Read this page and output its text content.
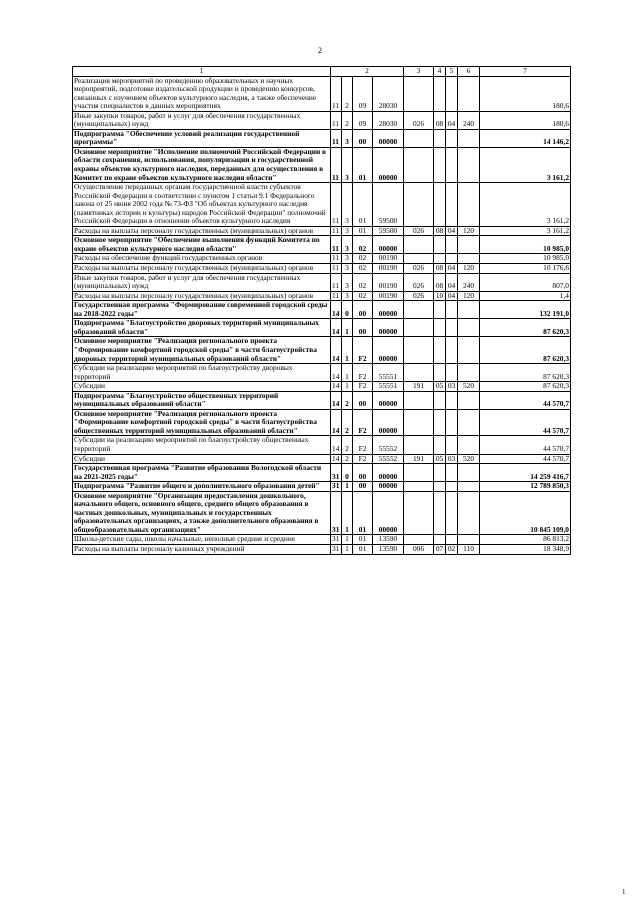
2
1	2				3	4	5	6	7
Реализация мероприятий по проведению образовательных и научных мероприятий, подготовке издательской продукции и проведению конкурсов, связанных с изучением объектов культурного наследия, а также обеспечение участия специалистов в данных мероприятиях	11	2	09	28030					180,6
Иные закупки товаров, работ и услуг для обеспечения государственных (муниципальных) нужд	11	2	09	28030	026	08	04	240	180,6
Подпрограмма "Обеспечение условий реализации государственной программы"	11	3	00	00000					14 146,2
Основное мероприятие "Исполнение полномочий Российской Федерации в области сохранения, использования, популяризации и государственной охраны объектов культурного наследия, переданных для осуществления в Комитет по охране объектов культурного наследия области"	11	3	01	00000					3 161,2
Осуществление переданных органам государственной власти субъектов Российской Федерации в соответствии с пунктом 1 статьи 9.1 Федерального закона от 25 июня 2002 года № 73-ФЗ "Об объектах культурного наследия (памятниках истории и культуры) народов Российской Федерации" полномочий Российской Федерации в отношении объектов культурного наследия	11	3	01	59500					3 161,2
Расходы на выплаты персоналу государственных (муниципальных) органов	11	3	01	59500	026	08	04	120	3 161,2
Основное мероприятие "Обеспечение выполнения функций Комитета по охране объектов культурного наследия области"	11	3	02	00000					10 985,0
Расходы на обеспечение функций государственных органов	11	3	02	00190					10 985,0
Расходы на выплаты персоналу государственных (муниципальных) органов	11	3	02	00190	026	08	04	120	10 176,6
Иные закупки товаров, работ и услуг для обеспечения государственных (муниципальных) нужд	11	3	02	00190	026	08	04	240	807,0
Расходы на выплаты персоналу государственных (муниципальных) органов	11	3	02	00190	026	10	04	120	1,4
Государственная программа "Формирование современной городской среды на 2018-2022 годы"	14	0	00	00000					132 191,0
Подпрограмма "Благоустройство дворовых территорий муниципальных образований области"	14	1	00	00000					87 620,3
Основное мероприятие "Реализация регионального проекта "Формирование комфортной городской среды" в части благоустройства дворовых территорий муниципальных образований области"	14	1	F2	00000					87 620,3
Субсидии на реализацию мероприятий по благоустройству дворовых территорий	14	1	F2	55551					87 620,3
Субсидии	14	1	F2	55551	191	05	03	520	87 620,3
Подпрограмма "Благоустройство общественных территорий муниципальных образований области"	14	2	00	00000					44 570,7
Основное мероприятие "Реализация регионального проекта "Формирование комфортной городской среды" в части благоустройства общественных территорий муниципальных образований области"	14	2	F2	00000					44 570,7
Субсидии на реализацию мероприятий по благоустройству общественных территорий	14	2	F2	55552					44 570,7
Субсидии	14	2	F2	55552	191	05	03	520	44 570,7
Государственная программа "Развитие образования Вологодской области на 2021-2025 годы"	31	0	00	00000					14 259 416,7
Подпрограмма "Развитие общего и дополнительного образования детей"	31	1	00	00000					12 789 850,3
Основное мероприятие "Организация предоставления дошкольного, начального общего, основного общего, среднего общего образования в частных дошкольных, муниципальных и государственных образовательных организациях, а также дополнительного образования в общеобразовательных организациях"	31	1	01	00000					10 845 109,0
Школы-детские сады, школы начальные, неполные средние и средние	31	1	01	13590					86 813,2
Расходы на выплаты персоналу казенных учреждений	31	1	01	13590	006	07	02	110	18 348,9
1
